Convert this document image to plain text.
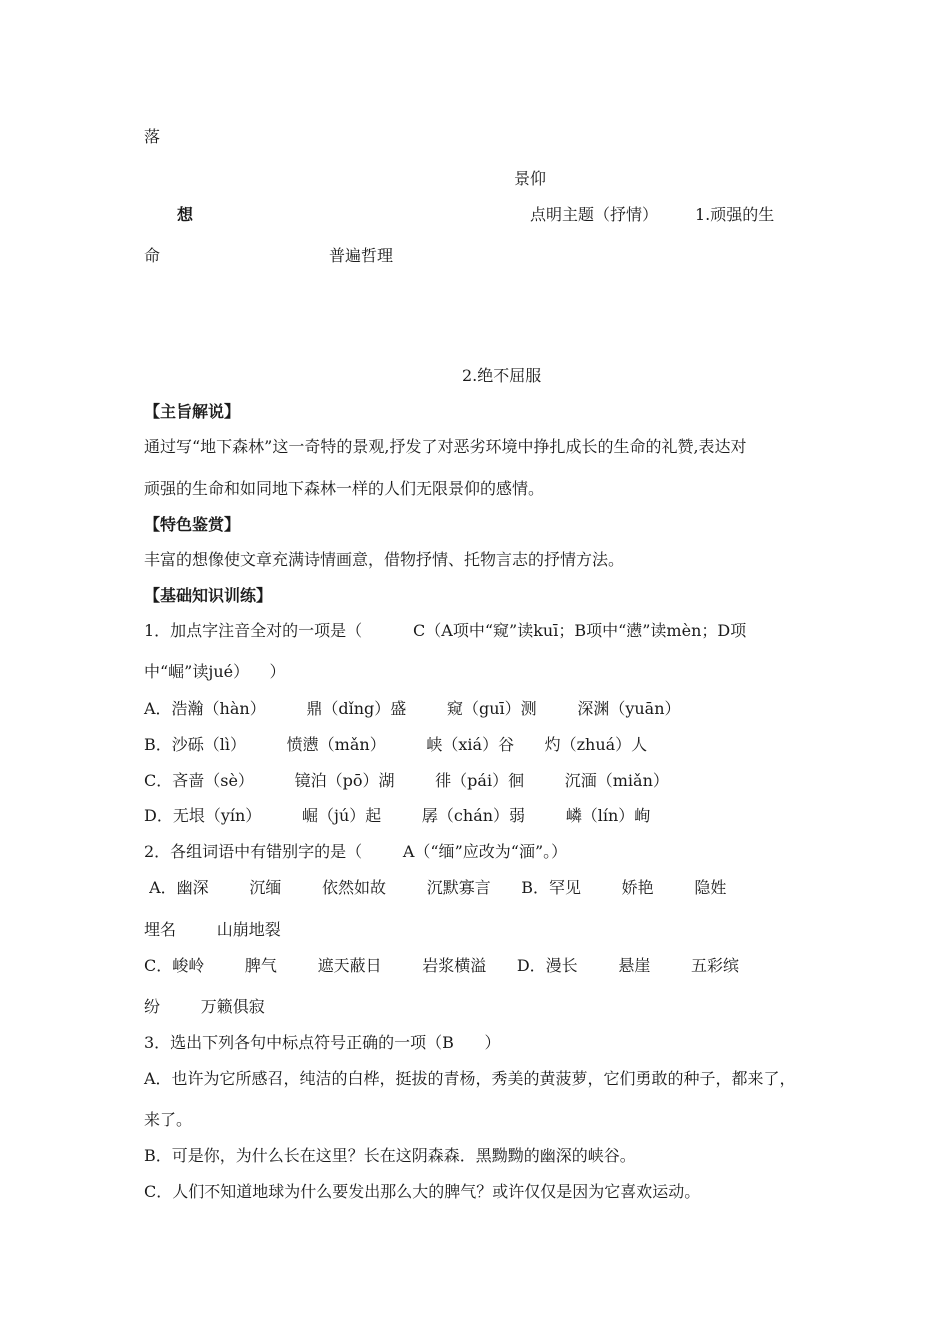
落
景仰
想	点明主题（抒情） 1.顽强的生
命	普遍哲理
2.绝不屈服
【主旨解说】
通过写“地下森林”这一奇特的景观,抒发了对恶劣环境中挣扎成长的生命的礼赞,表达对
顽强的生命和如同地下森林一样的人们无限景仰的感情。
【特色鉴赏】
丰富的想像使文章充满诗情画意，借物抒情、托物言志的抒情方法。
【基础知识训练】
1．加点字注音全对的一项是（          C（A项中“窥”读kuī；B项中“懑”读mèn；D项
中“崛”读jué）    ）
A．浩瀚（hàn）        鼎（dǐng）盛        窥（guī）测        深渊（yuān）
B．沙砾（lì）        愤懑（mǎn）        峡（xiá）谷      灼（zhuá）人
C．吝啬（sè）        镜泊（pō）湖        徘（pái）徊        沉湎（miǎn）
D．无垠（yín）        崛（jú）起        孱（chán）弱        嶙（lín）峋
2．各组词语中有错别字的是（        A（“缅”应改为“湎”。）
A．幽深        沉缅        依然如故        沉默寡言      B．罕见        娇艳        隐姓
埋名        山崩地裂
C．峻岭        脾气        遮天蔽日        岩浆横溢      D．漫长        悬崖        五彩缤
纷        万籁俱寂
3．选出下列各句中标点符号正确的一项（B      ）
A．也许为它所感召，纯洁的白桦，挺拔的青杨，秀美的黄菠萝，它们勇敢的种子，都来了，
来了。
B．可是你，为什么长在这里？长在这阴森森．黑黝黝的幽深的峡谷。
C．人们不知道地球为什么要发出那么大的脾气？或许仅仅是因为它喜欢运动。
